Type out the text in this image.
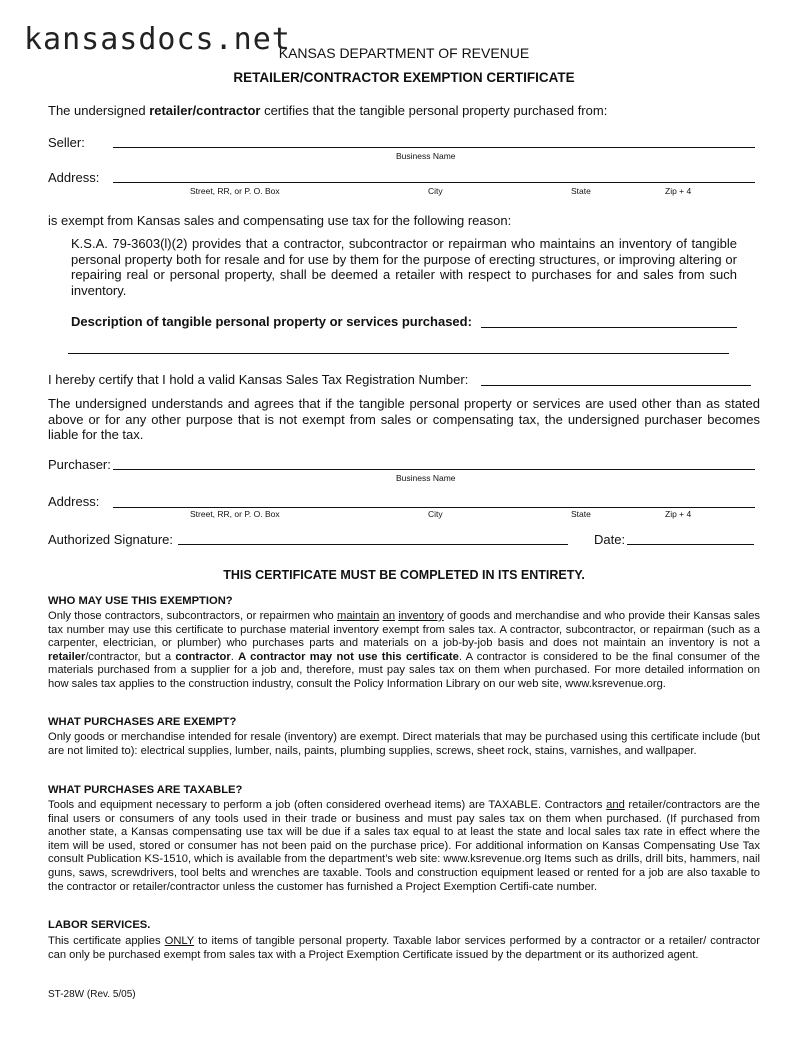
kansasdocs.net
KANSAS DEPARTMENT OF REVENUE
RETAILER/CONTRACTOR EXEMPTION CERTIFICATE
The undersigned retailer/contractor certifies that the tangible personal property purchased from:
Seller:
Business Name
Address:
Street, RR, or P. O. Box	City	State	Zip + 4
is exempt from Kansas sales and compensating use tax for the following reason:
K.S.A. 79-3603(l)(2) provides that a contractor, subcontractor or repairman who maintains an inventory of tangible personal property both for resale and for use by them for the purpose of erecting structures, or improving altering or repairing real or personal property, shall be deemed a retailer with respect to purchases for and sales from such inventory.
Description of tangible personal property or services purchased:
I hereby certify that I hold a valid Kansas Sales Tax Registration Number:
The undersigned understands and agrees that if the tangible personal property or services are used other than as stated above or for any other purpose that is not exempt from sales or compensating tax, the undersigned purchaser becomes liable for the tax.
Purchaser:
Business Name
Address:
Street, RR, or P. O. Box	City	State	Zip + 4
Authorized Signature:	Date:
THIS CERTIFICATE MUST BE COMPLETED IN ITS ENTIRETY.
WHO MAY USE THIS EXEMPTION?
Only those contractors, subcontractors, or repairmen who maintain an inventory of goods and merchandise and who provide their Kansas sales tax number may use this certificate to purchase material inventory exempt from sales tax. A contractor, subcontractor, or repairman (such as a carpenter, electrician, or plumber) who purchases parts and materials on a job-by-job basis and does not maintain an inventory is not a retailer/contractor, but a contractor. A contractor may not use this certificate. A contractor is considered to be the final consumer of the materials purchased from a supplier for a job and, therefore, must pay sales tax on them when purchased. For more detailed information on how sales tax applies to the construction industry, consult the Policy Information Library on our web site, www.ksrevenue.org.
WHAT PURCHASES ARE EXEMPT?
Only goods or merchandise intended for resale (inventory) are exempt. Direct materials that may be purchased using this certificate include (but are not limited to): electrical supplies, lumber, nails, paints, plumbing supplies, screws, sheet rock, stains, varnishes, and wallpaper.
WHAT PURCHASES ARE TAXABLE?
Tools and equipment necessary to perform a job (often considered overhead items) are TAXABLE. Contractors and retailer/contractors are the final users or consumers of any tools used in their trade or business and must pay sales tax on them when purchased. (If purchased from another state, a Kansas compensating use tax will be due if a sales tax equal to at least the state and local sales tax rate in effect where the item will be used, stored or consumer has not been paid on the purchase price). For additional information on Kansas Compensating Use Tax consult Publication KS-1510, which is available from the department’s web site: www.ksrevenue.org Items such as drills, drill bits, hammers, nail guns, saws, screwdrivers, tool belts and wrenches are taxable. Tools and construction equipment leased or rented for a job are also taxable to the contractor or retailer/contractor unless the customer has furnished a Project Exemption Certifi-cate number.
LABOR SERVICES.
This certificate applies ONLY to items of tangible personal property. Taxable labor services performed by a contractor or a retailer/ contractor can only be purchased exempt from sales tax with a Project Exemption Certificate issued by the department or its authorized agent.
ST-28W (Rev. 5/05)
